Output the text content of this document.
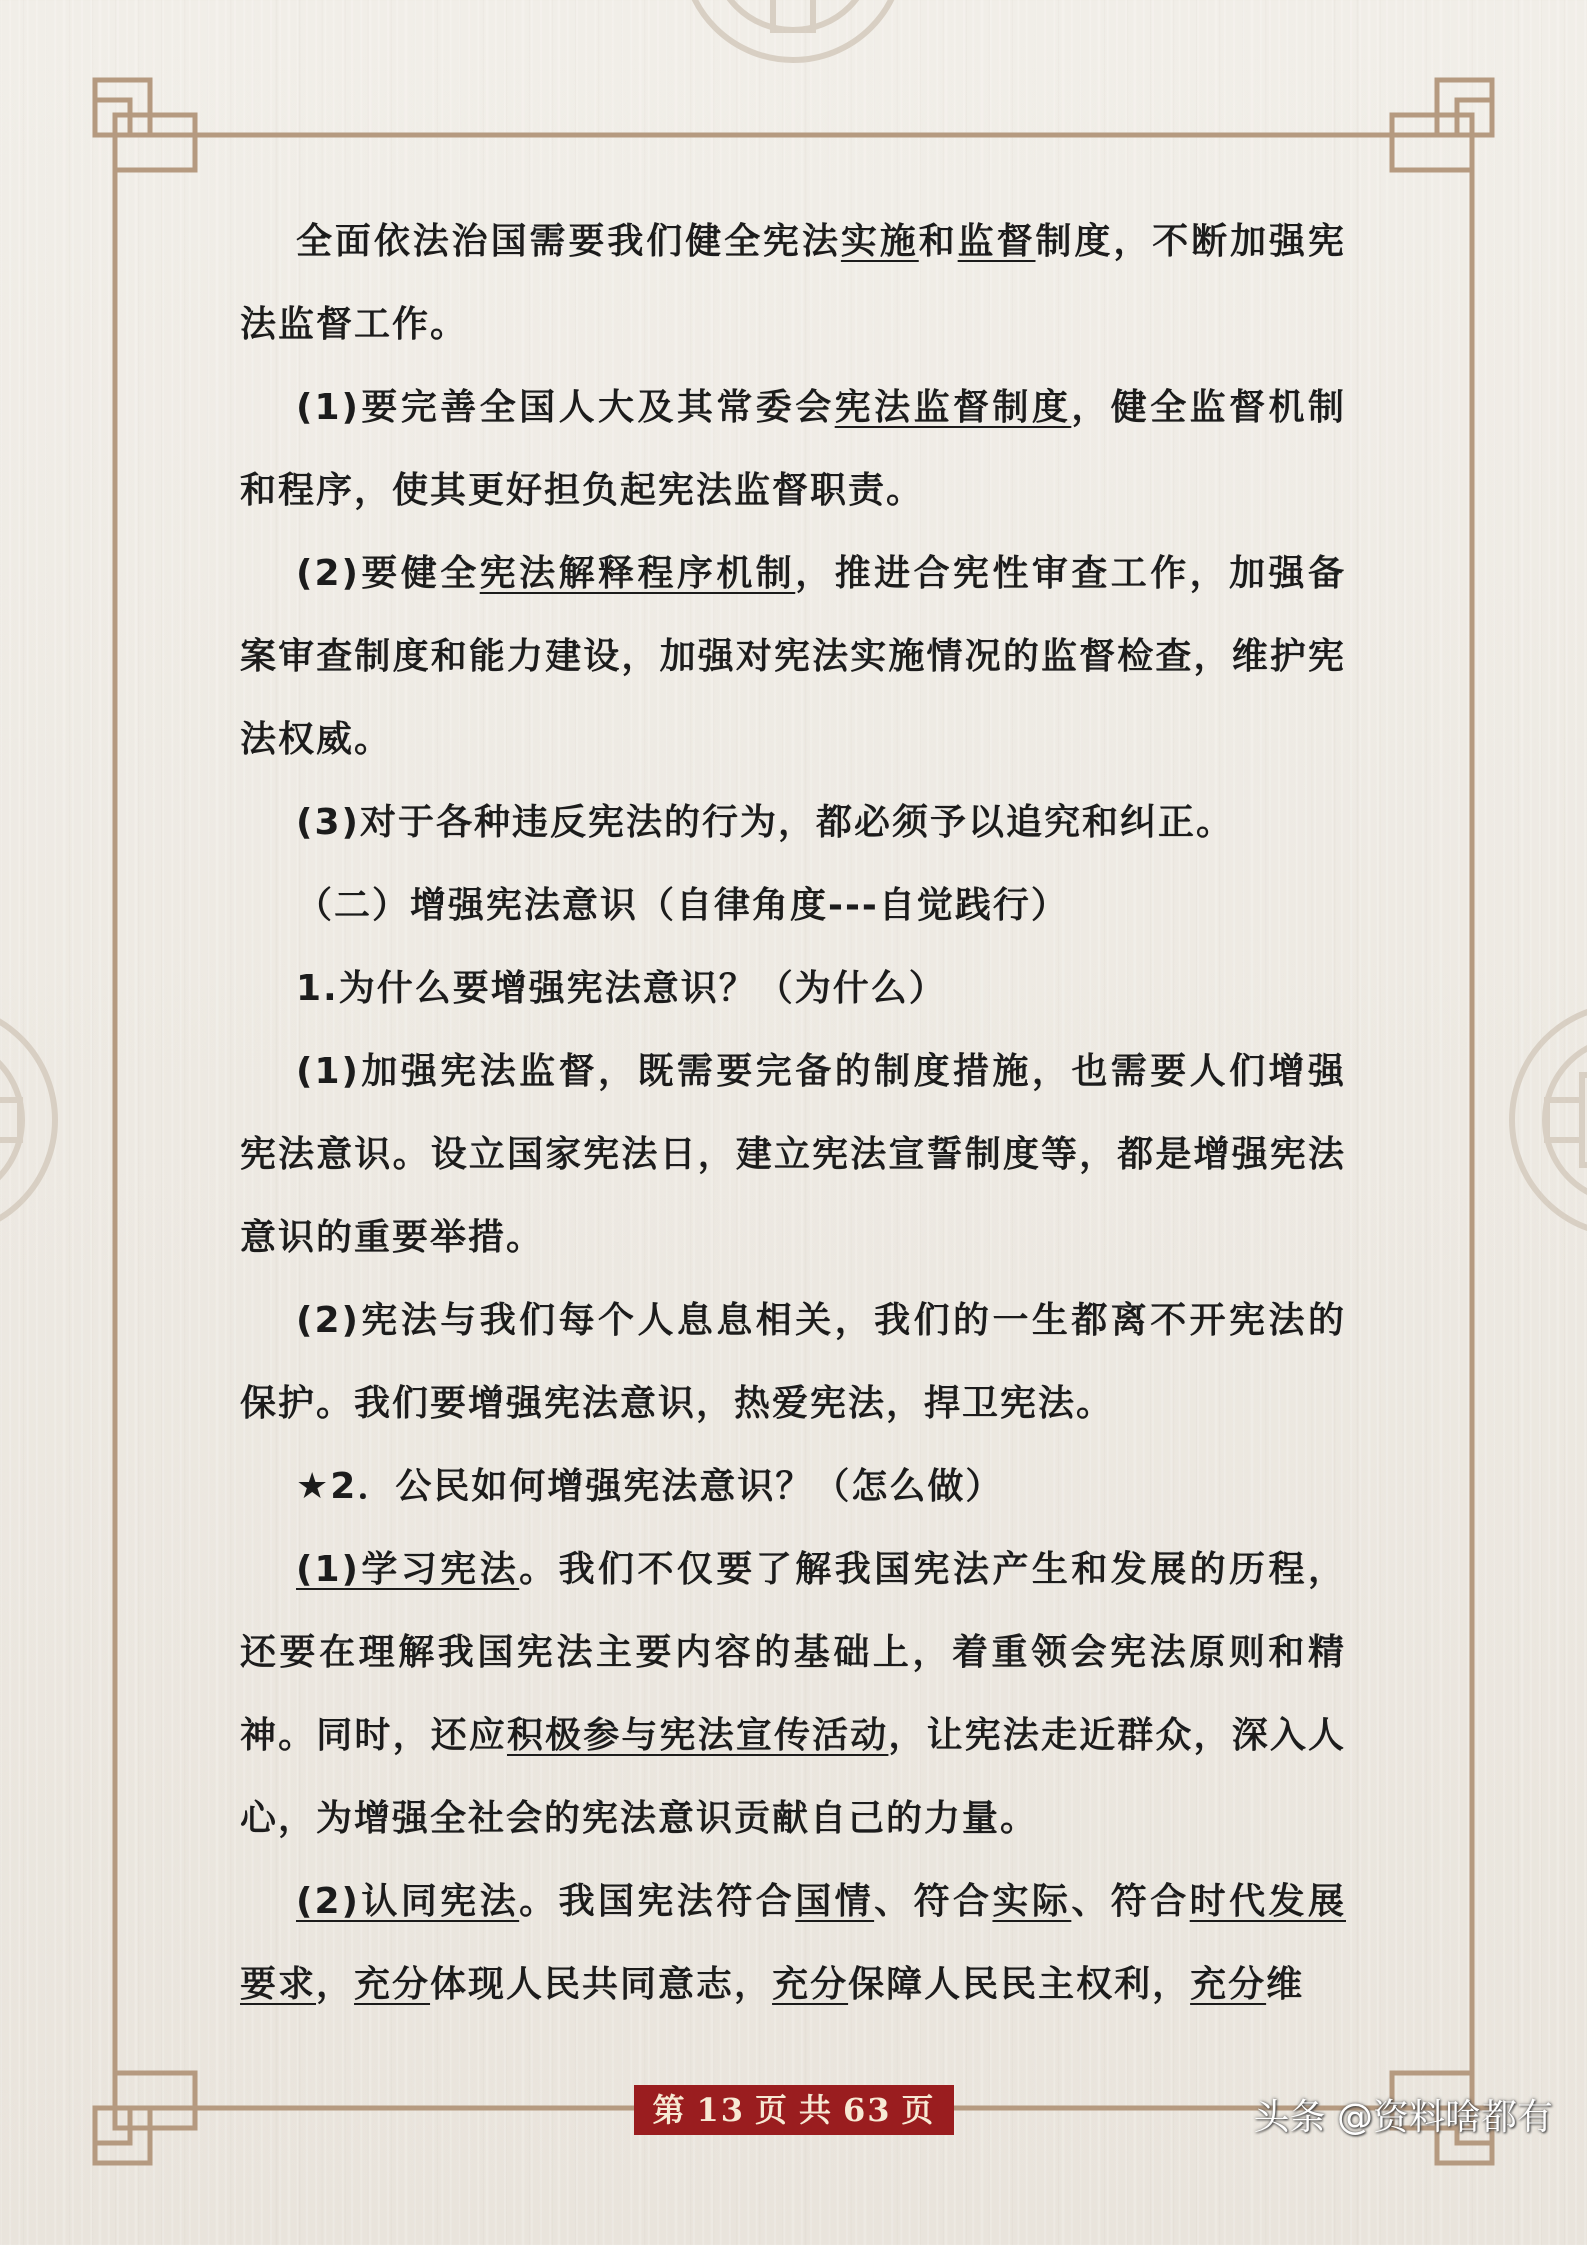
全面依法治国需要我们健全宪法实施和监督制度，不断加强宪法监督工作。

(1)要完善全国人大及其常委会宪法监督制度，健全监督机制和程序，使其更好担负起宪法监督职责。

(2)要健全宪法解释程序机制，推进合宪性审查工作，加强备案审查制度和能力建设，加强对宪法实施情况的监督检查，维护宪法权威。

(3)对于各种违反宪法的行为，都必须予以追究和纠正。

（二）增强宪法意识（自律角度---自觉践行）

1.为什么要增强宪法意识？（为什么）

(1)加强宪法监督，既需要完备的制度措施，也需要人们增强宪法意识。设立国家宪法日，建立宪法宣誓制度等，都是增强宪法意识的重要举措。

(2)宪法与我们每个人息息相关，我们的一生都离不开宪法的保护。我们要增强宪法意识，热爱宪法，捍卫宪法。

★2．公民如何增强宪法意识？（怎么做）

(1)学习宪法。我们不仅要了解我国宪法产生和发展的历程，还要在理解我国宪法主要内容的基础上，着重领会宪法原则和精神。同时，还应积极参与宪法宣传活动，让宪法走近群众，深入人心，为增强全社会的宪法意识贡献自己的力量。

(2)认同宪法。我国宪法符合国情、符合实际、符合时代发展要求，充分体现人民共同意志，充分保障人民民主权利，充分维

第 13 页 共 63 页	头条 @资料啥都有
